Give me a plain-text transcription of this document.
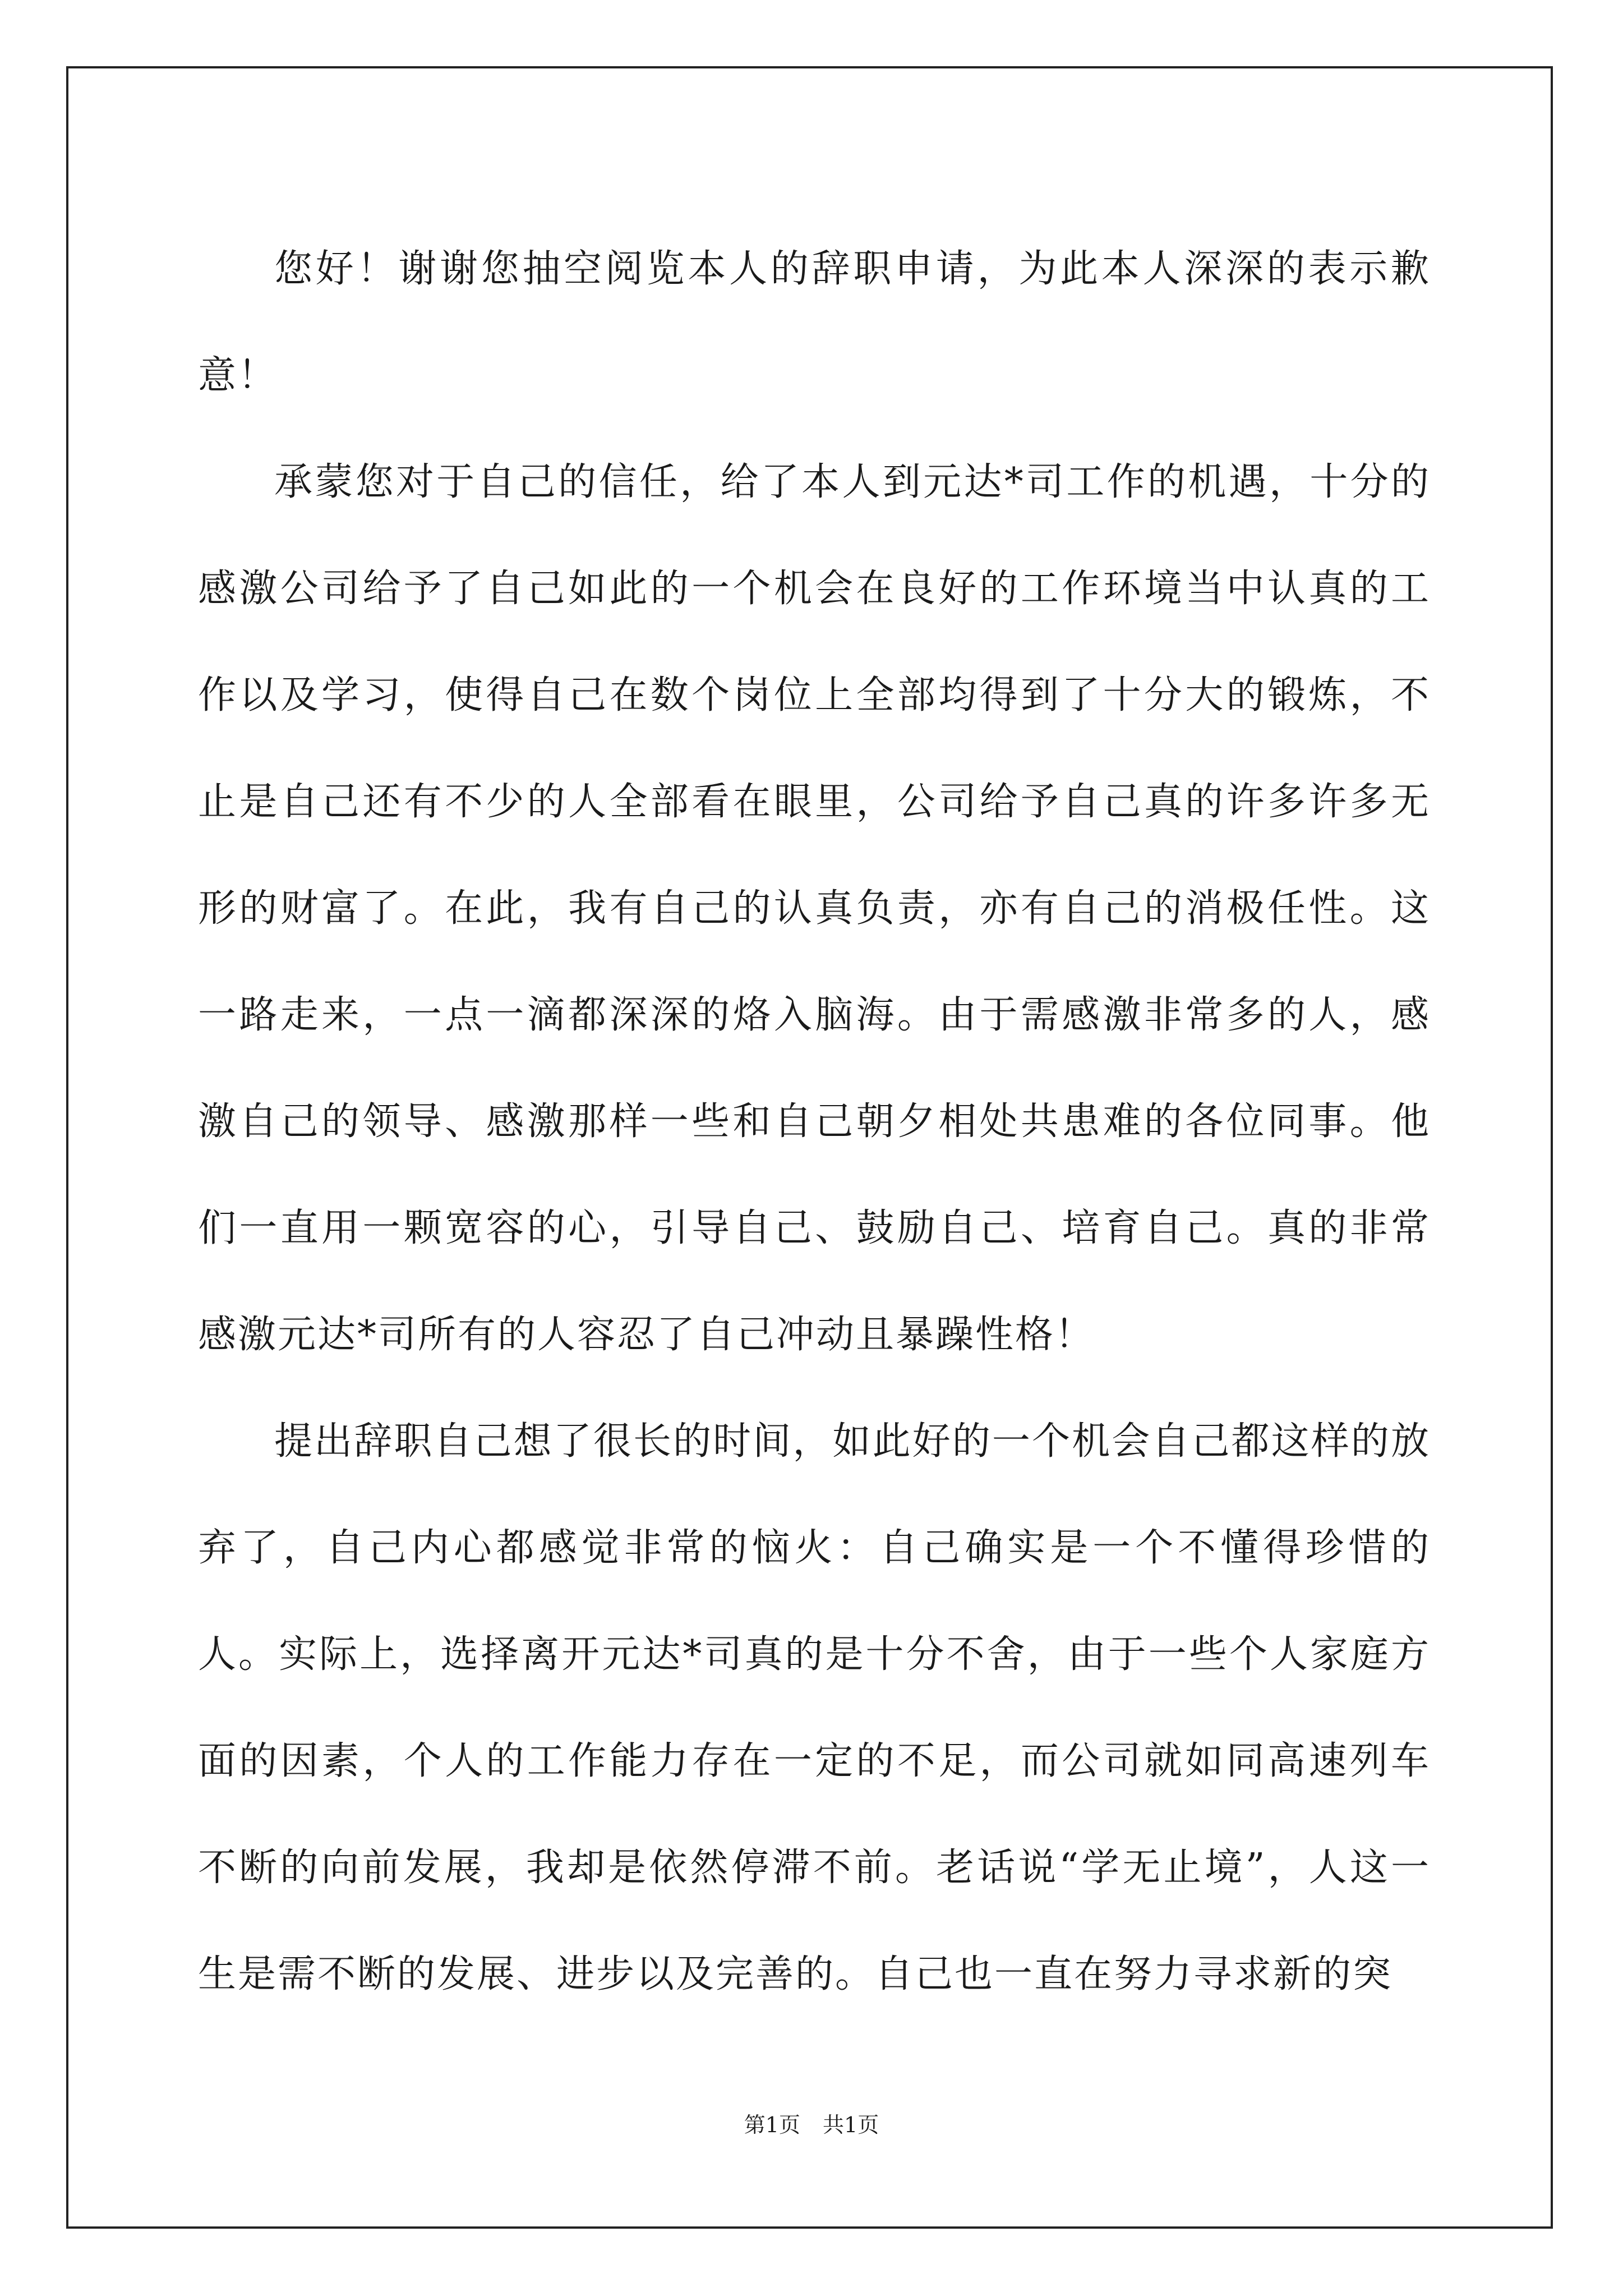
您好！谢谢您抽空阅览本人的辞职申请，为此本人深深的表示歉意！

承蒙您对于自己的信任，给了本人到元达*司工作的机遇，十分的感激公司给予了自己如此的一个机会在良好的工作环境当中认真的工作以及学习，使得自己在数个岗位上全部均得到了十分大的锻炼，不止是自己还有不少的人全部看在眼里，公司给予自己真的许多许多无形的财富了。在此，我有自己的认真负责，亦有自己的消极任性。这一路走来，一点一滴都深深的烙入脑海。由于需感激非常多的人，感激自己的领导、感激那样一些和自己朝夕相处共患难的各位同事。他们一直用一颗宽容的心，引导自己、鼓励自己、培育自己。真的非常感激元达*司所有的人容忍了自己冲动且暴躁性格！

提出辞职自己想了很长的时间，如此好的一个机会自己都这样的放弃了，自己内心都感觉非常的恼火：自己确实是一个不懂得珍惜的人。实际上，选择离开元达*司真的是十分不舍，由于一些个人家庭方面的因素，个人的工作能力存在一定的不足，而公司就如同高速列车不断的向前发展，我却是依然停滞不前。老话说“学无止境”，人这一生是需不断的发展、进步以及完善的。自己也一直在努力寻求新的突

第1页 共1页
